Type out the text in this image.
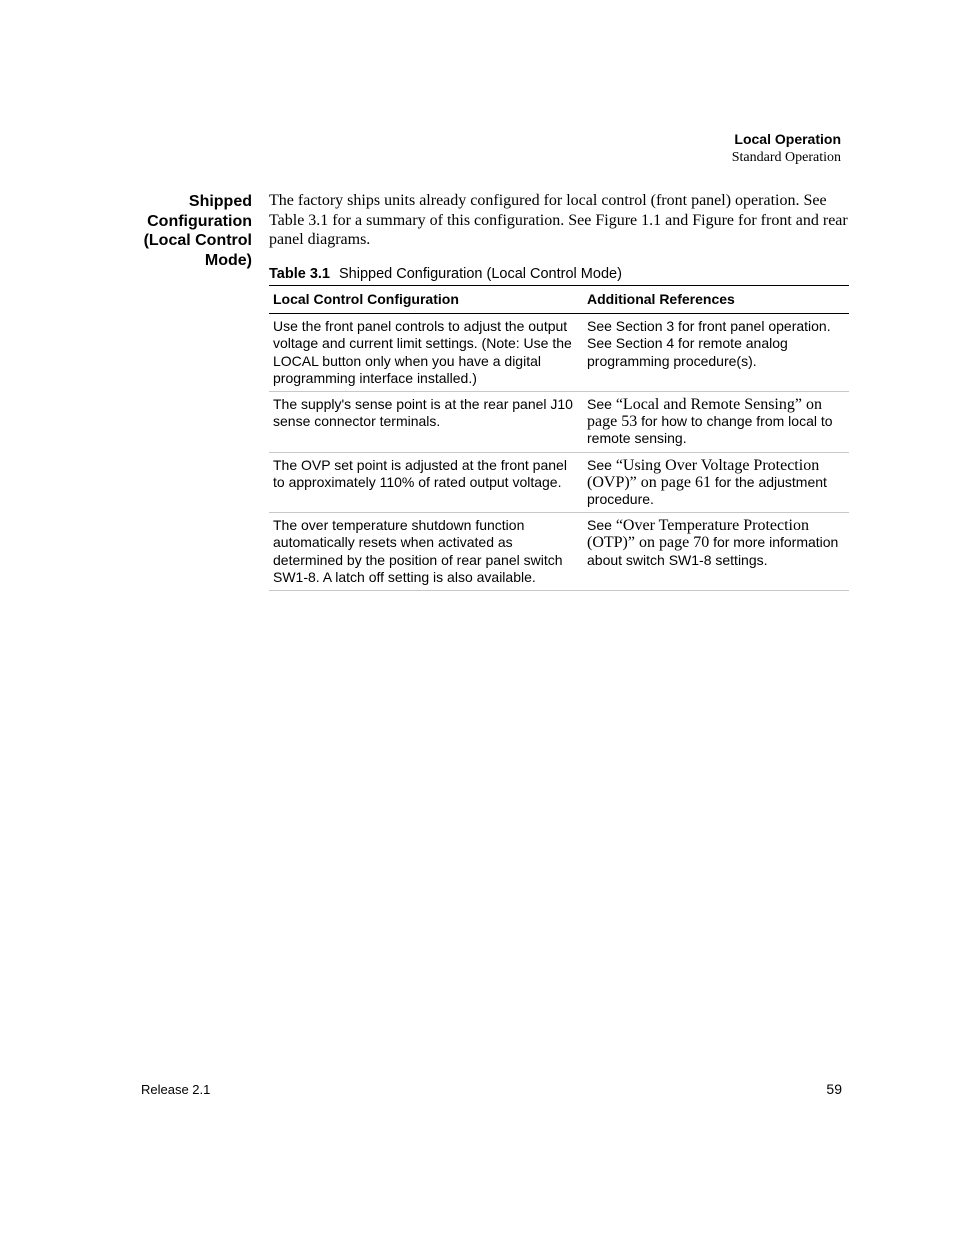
Local Operation
Standard Operation
Shipped
Configuration
(Local Control
Mode)
The factory ships units already configured for local control (front panel) operation. See Table 3.1 for a summary of this configuration. See Figure 1.1 and Figure for front and rear panel diagrams.
Table 3.1 Shipped Configuration (Local Control Mode)
Local Control Configuration	Additional References
Use the front panel controls to adjust the output voltage and current limit settings. (Note: Use the LOCAL button only when you have a digital programming interface installed.)	See Section 3 for front panel operation. See Section 4 for remote analog programming procedure(s).
The supply's sense point is at the rear panel J10 sense connector terminals.	See “Local and Remote Sensing” on page 53 for how to change from local to remote sensing.
The OVP set point is adjusted at the front panel to approximately 110% of rated output voltage.	See “Using Over Voltage Protection (OVP)” on page 61 for the adjustment procedure.
The over temperature shutdown function automatically resets when activated as determined by the position of rear panel switch SW1-8. A latch off setting is also available.	See “Over Temperature Protection (OTP)” on page 70 for more information about switch SW1-8 settings.
Release 2.1	59
